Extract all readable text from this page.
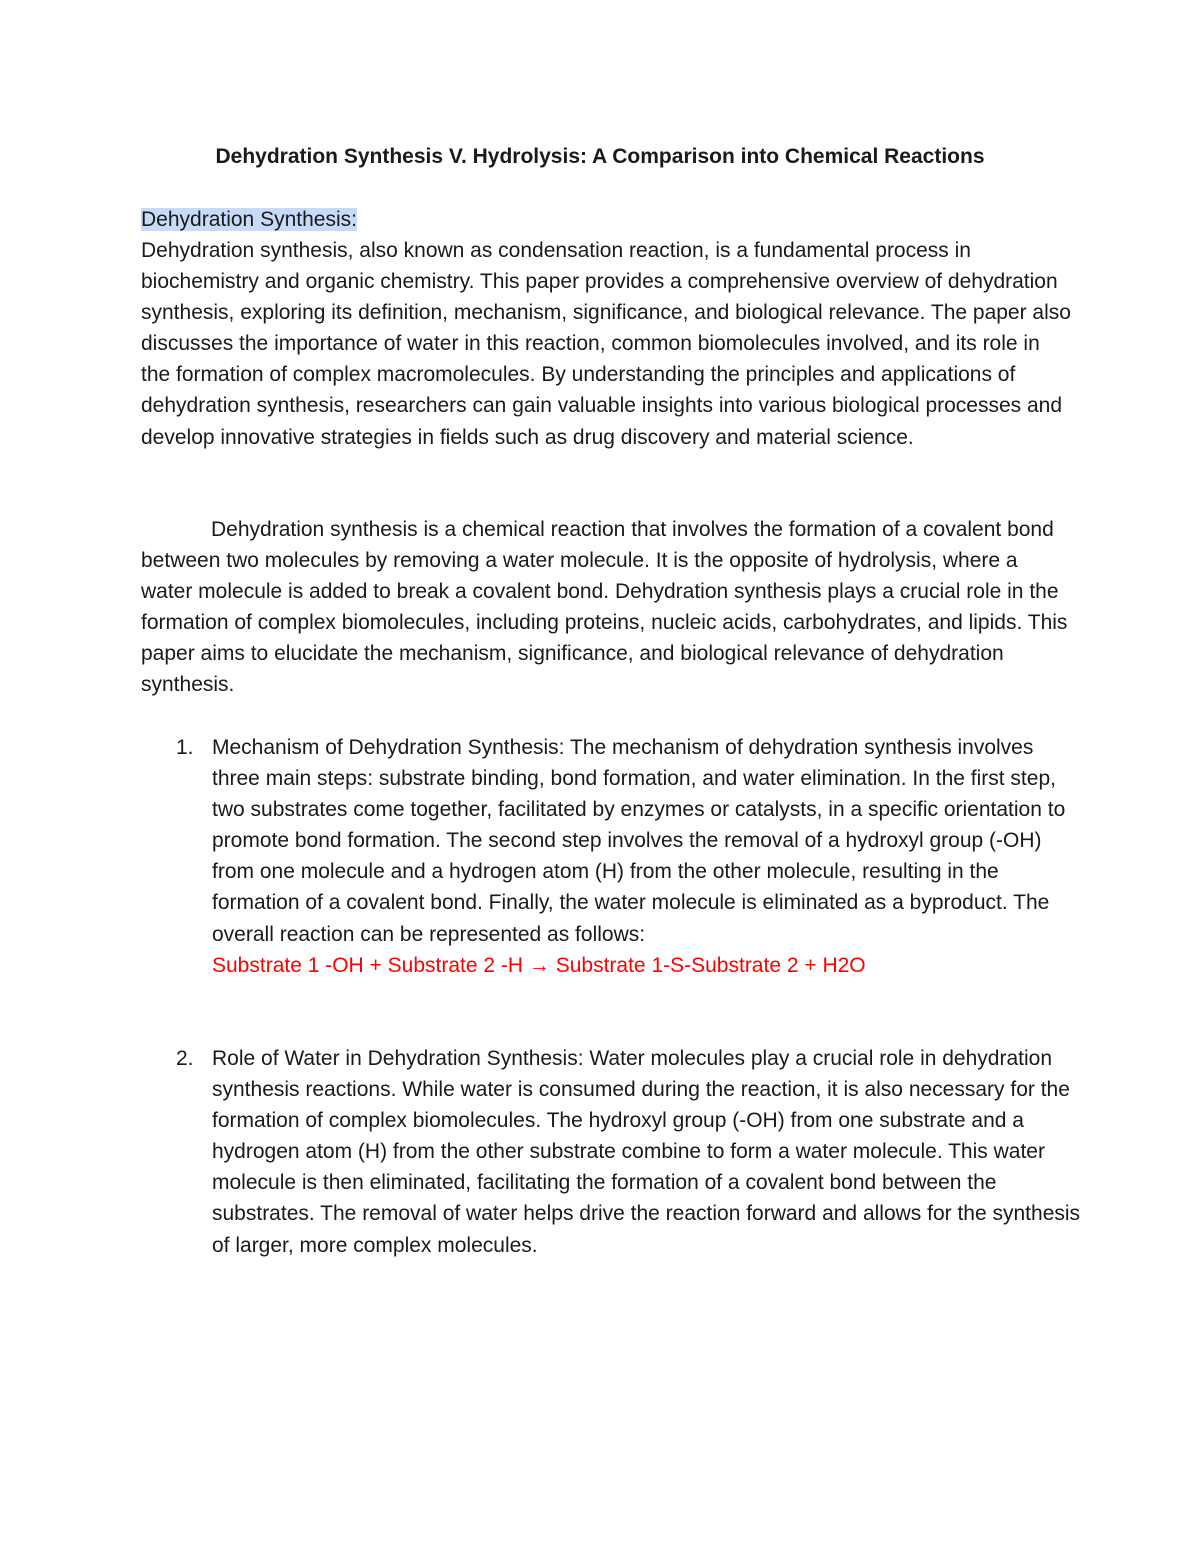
Dehydration Synthesis V. Hydrolysis: A Comparison into Chemical Reactions

Dehydration Synthesis:

Dehydration synthesis, also known as condensation reaction, is a fundamental process in biochemistry and organic chemistry. This paper provides a comprehensive overview of dehydration synthesis, exploring its definition, mechanism, significance, and biological relevance. The paper also discusses the importance of water in this reaction, common biomolecules involved, and its role in the formation of complex macromolecules. By understanding the principles and applications of dehydration synthesis, researchers can gain valuable insights into various biological processes and develop innovative strategies in fields such as drug discovery and material science.

Dehydration synthesis is a chemical reaction that involves the formation of a covalent bond between two molecules by removing a water molecule. It is the opposite of hydrolysis, where a water molecule is added to break a covalent bond. Dehydration synthesis plays a crucial role in the formation of complex biomolecules, including proteins, nucleic acids, carbohydrates, and lipids. This paper aims to elucidate the mechanism, significance, and biological relevance of dehydration synthesis.

1. Mechanism of Dehydration Synthesis: The mechanism of dehydration synthesis involves three main steps: substrate binding, bond formation, and water elimination. In the first step, two substrates come together, facilitated by enzymes or catalysts, in a specific orientation to promote bond formation. The second step involves the removal of a hydroxyl group (-OH) from one molecule and a hydrogen atom (H) from the other molecule, resulting in the formation of a covalent bond. Finally, the water molecule is eliminated as a byproduct. The overall reaction can be represented as follows:
Substrate 1 -OH + Substrate 2 -H → Substrate 1-S-Substrate 2 + H2O
2. Role of Water in Dehydration Synthesis: Water molecules play a crucial role in dehydration synthesis reactions. While water is consumed during the reaction, it is also necessary for the formation of complex biomolecules. The hydroxyl group (-OH) from one substrate and a hydrogen atom (H) from the other substrate combine to form a water molecule. This water molecule is then eliminated, facilitating the formation of a covalent bond between the substrates. The removal of water helps drive the reaction forward and allows for the synthesis of larger, more complex molecules.
